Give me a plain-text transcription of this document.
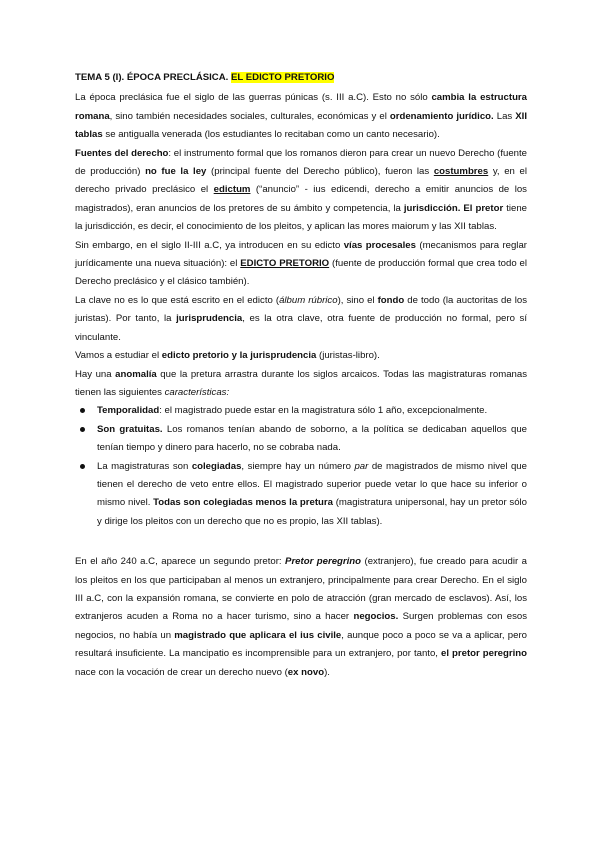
TEMA 5 (I). ÉPOCA PRECLÁSICA. EL EDICTO PRETORIO

La época preclásica fue el siglo de las guerras púnicas (s. III a.C). Esto no sólo cambia la estructura romana, sino también necesidades sociales, culturales, económicas y el ordenamiento jurídico. Las XII tablas se antigualla venerada (los estudiantes lo recitaban como un canto necesario).

Fuentes del derecho: el instrumento formal que los romanos dieron para crear un nuevo Derecho (fuente de producción) no fue la ley (principal fuente del Derecho público), fueron las costumbres y, en el derecho privado preclásico el edictum (“anuncio” - ius edicendi, derecho a emitir anuncios de los magistrados), eran anuncios de los pretores de su ámbito y competencia, la jurisdicción. El pretor tiene la jurisdicción, es decir, el conocimiento de los pleitos, y aplican las mores maiorum y las XII tablas.

Sin embargo, en el siglo II-III a.C, ya introducen en su edicto vías procesales (mecanismos para reglar jurídicamente una nueva situación): el EDICTO PRETORIO (fuente de producción formal que crea todo el Derecho preclásico y el clásico también).

La clave no es lo que está escrito en el edicto (álbum rúbrico), sino el fondo de todo (la auctoritas de los juristas). Por tanto, la jurisprudencia, es la otra clave, otra fuente de producción no formal, pero sí vinculante.

Vamos a estudiar el edicto pretorio y la jurisprudencia (juristas-libro).

Hay una anomalía que la pretura arrastra durante los siglos arcaicos. Todas las magistraturas romanas tienen las siguientes características:

Temporalidad: el magistrado puede estar en la magistratura sólo 1 año, excepcionalmente.
Son gratuitas. Los romanos tenían abando de soborno, a la política se dedicaban aquellos que tenían tiempo y dinero para hacerlo, no se cobraba nada.
La magistraturas son colegiadas, siempre hay un número par de magistrados de mismo nivel que tienen el derecho de veto entre ellos. El magistrado superior puede vetar lo que hace su inferior o mismo nivel. Todas son colegiadas menos la pretura (magistratura unipersonal, hay un pretor sólo y dirige los pleitos con un derecho que no es propio, las XII tablas).

En el año 240 a.C, aparece un segundo pretor: Pretor peregrino (extranjero), fue creado para acudir a los pleitos en los que participaban al menos un extranjero, principalmente para crear Derecho. En el siglo III a.C, con la expansión romana, se convierte en polo de atracción (gran mercado de esclavos). Así, los extranjeros acuden a Roma no a hacer turismo, sino a hacer negocios. Surgen problemas con esos negocios, no había un magistrado que aplicara el ius civile, aunque poco a poco se va a aplicar, pero resultará insuficiente. La mancipatio es incomprensible para un extranjero, por tanto, el pretor peregrino nace con la vocación de crear un derecho nuevo (ex novo).
